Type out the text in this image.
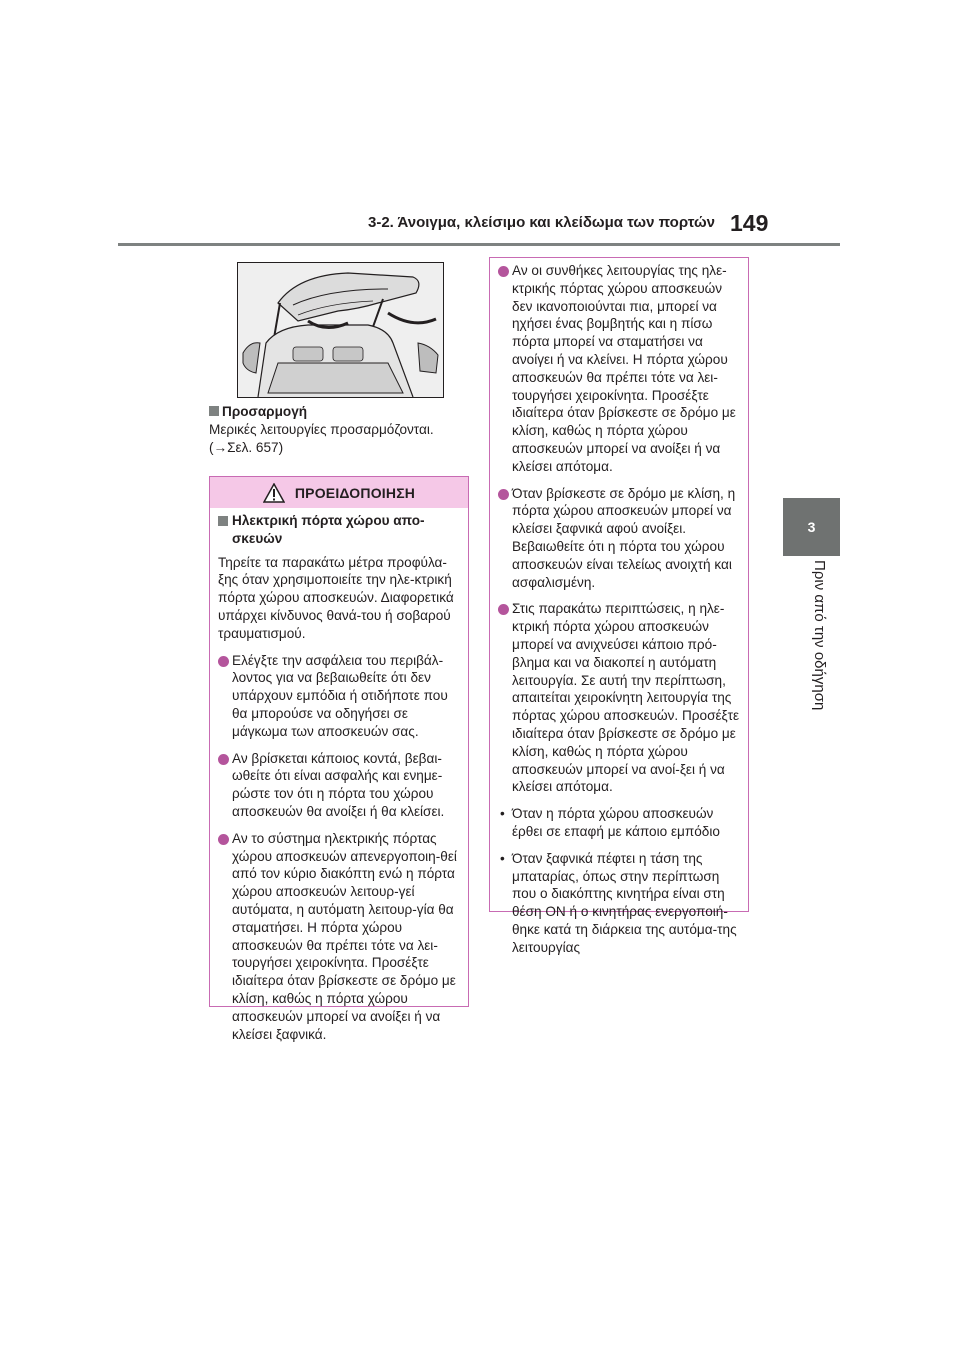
3-2. Άνοιγμα, κλείσιμο και κλείδωμα των πορτών 149
3
Πριν από την οδήγηση
Προσαρμογή
Μερικές λειτουργίες προσαρμόζονται.
(→Σελ. 657)
ΠΡΟΕΙΔΟΠΟΙΗΣΗ
Ηλεκτρική πόρτα χώρου απο-σκευών

Τηρείτε τα παρακάτω μέτρα προφύλα-ξης όταν χρησιμοποιείτε την ηλε-κτρική πόρτα χώρου αποσκευών. Διαφορετικά υπάρχει κίνδυνος θανά-του ή σοβαρού τραυματισμού.

Ελέγξτε την ασφάλεια του περιβάλ-λοντος για να βεβαιωθείτε ότι δεν υπάρχουν εμπόδια ή οτιδήποτε που θα μπορούσε να οδηγήσει σε μάγκωμα των αποσκευών σας.
Αν βρίσκεται κάποιος κοντά, βεβαι-ωθείτε ότι είναι ασφαλής και ενημε-ρώστε τον ότι η πόρτα του χώρου αποσκευών θα ανοίξει ή θα κλείσει.
Αν το σύστημα ηλεκτρικής πόρτας χώρου αποσκευών απενεργοποιη-θεί από τον κύριο διακόπτη ενώ η πόρτα χώρου αποσκευών λειτουρ-γεί αυτόματα, η αυτόματη λειτουρ-γία θα σταματήσει. Η πόρτα χώρου αποσκευών θα πρέπει τότε να λει-τουργήσει χειροκίνητα. Προσέξτε ιδιαίτερα όταν βρίσκεστε σε δρόμο με κλίση, καθώς η πόρτα χώρου αποσκευών μπορεί να ανοίξει ή να κλείσει ξαφνικά.
Αν οι συνθήκες λειτουργίας της ηλε-κτρικής πόρτας χώρου αποσκευών δεν ικανοποιούνται πια, μπορεί να ηχήσει ένας βομβητής και η πίσω πόρτα μπορεί να σταματήσει να ανοίγει ή να κλείνει. Η πόρτα χώρου αποσκευών θα πρέπει τότε να λει-τουργήσει χειροκίνητα. Προσέξτε ιδιαίτερα όταν βρίσκεστε σε δρόμο με κλίση, καθώς η πόρτα χώρου αποσκευών μπορεί να ανοίξει ή να κλείσει απότομα.
Όταν βρίσκεστε σε δρόμο με κλίση, η πόρτα χώρου αποσκευών μπορεί να κλείσει ξαφνικά αφού ανοίξει. Βεβαιωθείτε ότι η πόρτα του χώρου αποσκευών είναι τελείως ανοιχτή και ασφαλισμένη.
Στις παρακάτω περιπτώσεις, η ηλε-κτρική πόρτα χώρου αποσκευών μπορεί να ανιχνεύσει κάποιο πρό-βλημα και να διακοπεί η αυτόματη λειτουργία. Σε αυτή την περίπτωση, απαιτείται χειροκίνητη λειτουργία της πόρτας χώρου αποσκευών. Προσέξτε ιδιαίτερα όταν βρίσκεστε σε δρόμο με κλίση, καθώς η πόρτα χώρου αποσκευών μπορεί να ανοί-ξει ή να κλείσει απότομα.
• Όταν η πόρτα χώρου αποσκευών έρθει σε επαφή με κάποιο εμπόδιο
• Όταν ξαφνικά πέφτει η τάση της μπαταρίας, όπως στην περίπτωση που ο διακόπτης κινητήρα είναι στη θέση ON ή ο κινητήρας ενεργοποιή-θηκε κατά τη διάρκεια της αυτόμα-της λειτουργίας
